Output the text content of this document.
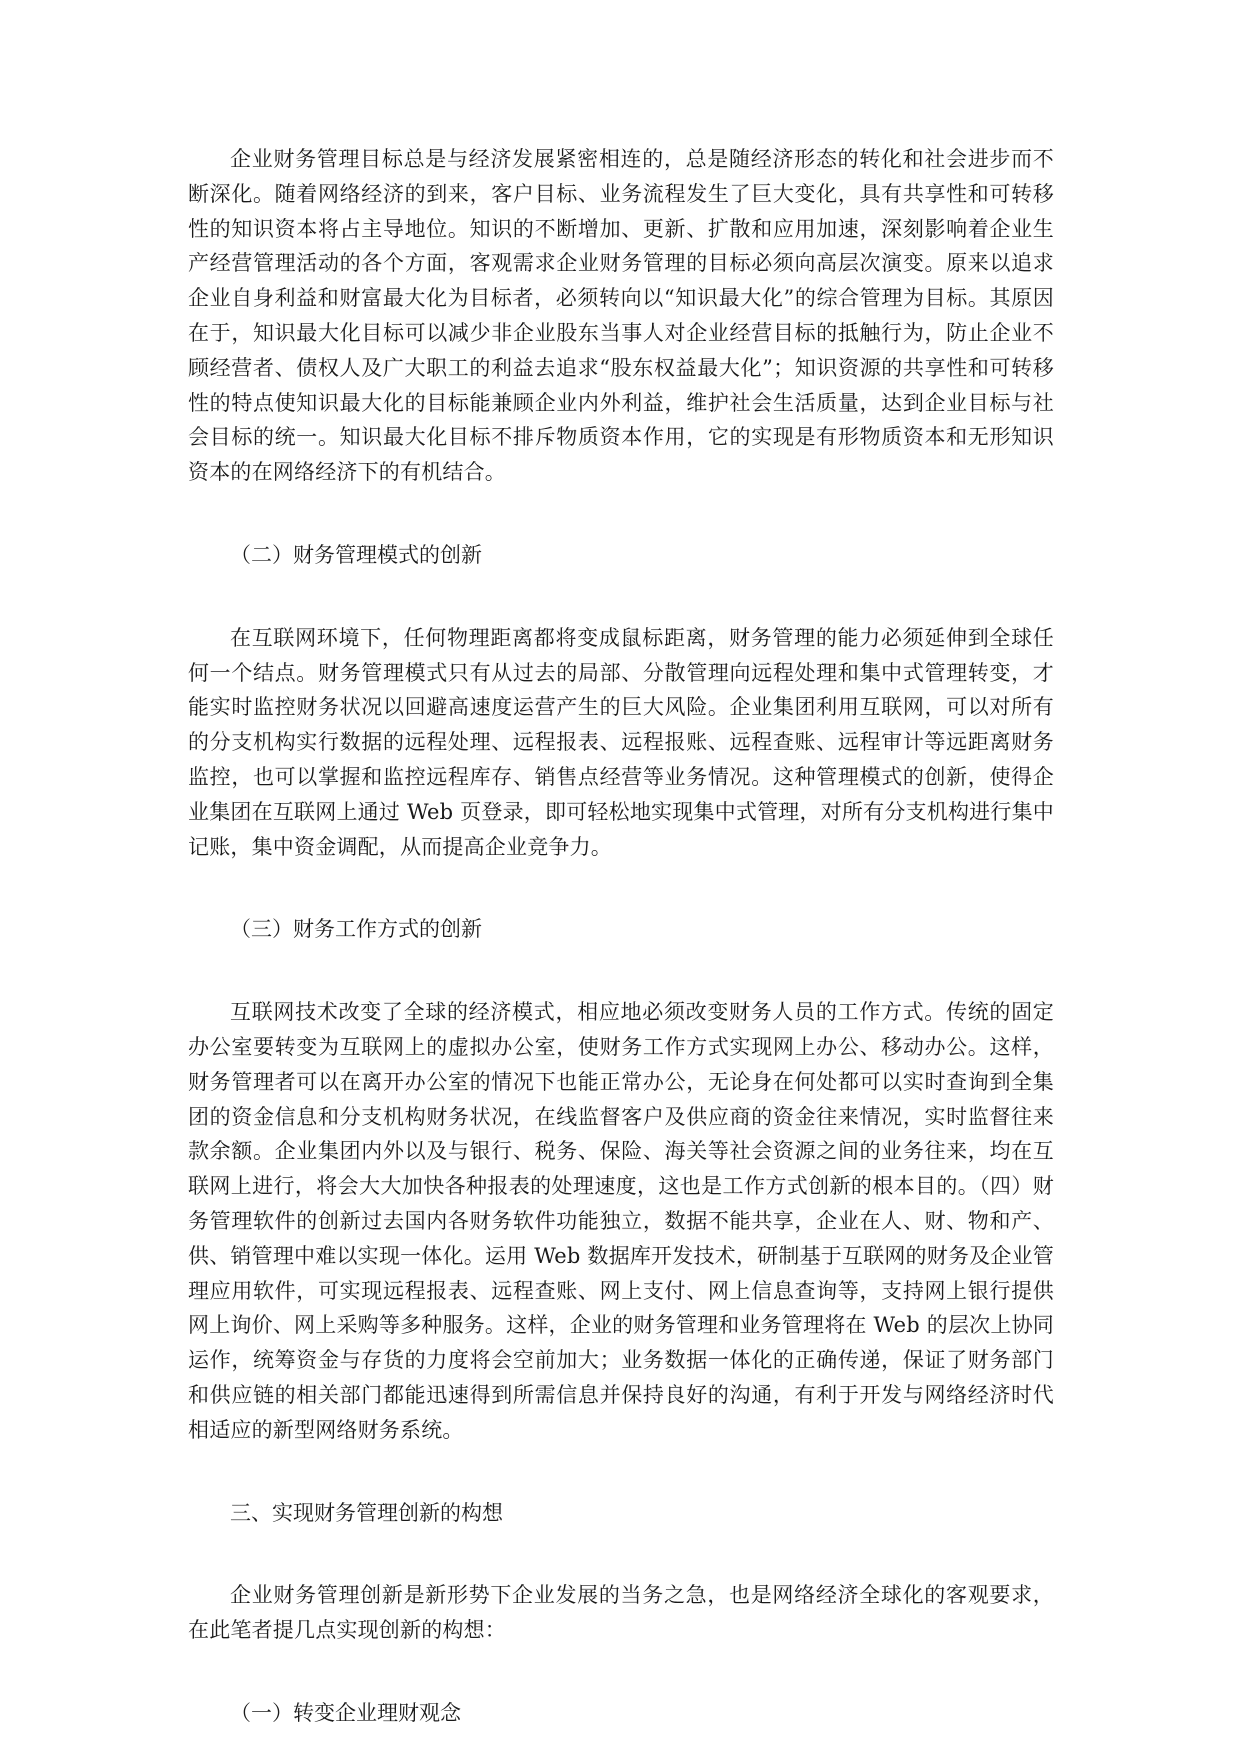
企业财务管理目标总是与经济发展紧密相连的，总是随经济形态的转化和社会进步而不断深化。随着网络经济的到来，客户目标、业务流程发生了巨大变化，具有共享性和可转移性的知识资本将占主导地位。知识的不断增加、更新、扩散和应用加速，深刻影响着企业生产经营管理活动的各个方面，客观需求企业财务管理的目标必须向高层次演变。原来以追求企业自身利益和财富最大化为目标者，必须转向以“知识最大化”的综合管理为目标。其原因在于，知识最大化目标可以减少非企业股东当事人对企业经营目标的抵触行为，防止企业不顾经营者、债权人及广大职工的利益去追求“股东权益最大化”；知识资源的共享性和可转移性的特点使知识最大化的目标能兼顾企业内外利益，维护社会生活质量，达到企业目标与社会目标的统一。知识最大化目标不排斥物质资本作用，它的实现是有形物质资本和无形知识资本的在网络经济下的有机结合。

（二）财务管理模式的创新

在互联网环境下，任何物理距离都将变成鼠标距离，财务管理的能力必须延伸到全球任何一个结点。财务管理模式只有从过去的局部、分散管理向远程处理和集中式管理转变，才能实时监控财务状况以回避高速度运营产生的巨大风险。企业集团利用互联网，可以对所有的分支机构实行数据的远程处理、远程报表、远程报账、远程查账、远程审计等远距离财务监控，也可以掌握和监控远程库存、销售点经营等业务情况。这种管理模式的创新，使得企业集团在互联网上通过 Web 页登录，即可轻松地实现集中式管理，对所有分支机构进行集中记账，集中资金调配，从而提高企业竞争力。

（三）财务工作方式的创新

互联网技术改变了全球的经济模式，相应地必须改变财务人员的工作方式。传统的固定办公室要转变为互联网上的虚拟办公室，使财务工作方式实现网上办公、移动办公。这样，财务管理者可以在离开办公室的情况下也能正常办公，无论身在何处都可以实时查询到全集团的资金信息和分支机构财务状况，在线监督客户及供应商的资金往来情况，实时监督往来款余额。企业集团内外以及与银行、税务、保险、海关等社会资源之间的业务往来，均在互联网上进行，将会大大加快各种报表的处理速度，这也是工作方式创新的根本目的。（四）财务管理软件的创新过去国内各财务软件功能独立，数据不能共享，企业在人、财、物和产、供、销管理中难以实现一体化。运用 Web 数据库开发技术，研制基于互联网的财务及企业管理应用软件，可实现远程报表、远程查账、网上支付、网上信息查询等，支持网上银行提供网上询价、网上采购等多种服务。这样，企业的财务管理和业务管理将在 Web 的层次上协同运作，统筹资金与存货的力度将会空前加大；业务数据一体化的正确传递，保证了财务部门和供应链的相关部门都能迅速得到所需信息并保持良好的沟通，有利于开发与网络经济时代相适应的新型网络财务系统。

三、实现财务管理创新的构想

企业财务管理创新是新形势下企业发展的当务之急，也是网络经济全球化的客观要求，在此笔者提几点实现创新的构想：

（一）转变企业理财观念
